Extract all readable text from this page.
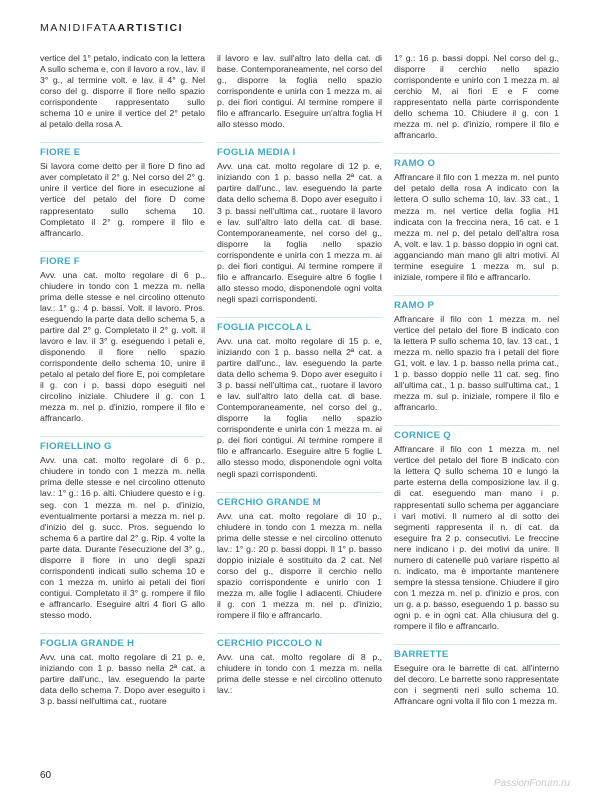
MANIDIFATAARTISTICI

vertice del 1° petalo, indicato con la lettera A sullo schema e, con il lavoro a rov., lav. il 3° g., al termine volt. e lav. il 4° g. Nel corso del g. disporre il fiore nello spazio corrispondente rappresentato sullo schema 10 e unire il vertice del 2° petalo al petalo della rosa A.

FIORE E

Si lavora come detto per il fiore D fino ad aver completato il 2° g. Nel corso del 2° g. unire il vertice del fiore in esecuzione al vertice del petalo del fiore D come rappresentato sullo schema 10. Completato il 2° g. rompere il filo e affrancarlo.

FIORE F

Avv. una cat. molto regolare di 6 p., chiudere in tondo con 1 mezza m. nella prima delle stesse e nel circolino ottenuto lav.: 1° g.: 4 p. bassi. Volt. il lavoro. Pros. eseguendo la parte data dello schema 5, a partire dal 2° g. Completato il 2° g. volt. il lavoro e lav. il 3° g. eseguendo i petali e, disponendo il fiore nello spazio corrispondente dello schema 10, unire il petalo al petalo del fiore E, poi completare il g. con i p. bassi dopo eseguiti nel circolino iniziale. Chiudere il g. con 1 mezza m. nel p. d'inizio, rompere il filo e affrancarlo.

FIORELLINO G

Avv. una cat. molto regolare di 6 p., chiudere in tondo con 1 mezza m. nella prima delle stesse e nel circolino ottenuto lav.: 1° g.: 16 p. alti. Chiudere questo e i g. seg. con 1 mezza m. nel p. d'inizio, eventualmente portarsi a mezza m. nel p. d'inizio del g. succ. Pros. seguendo lo schema 6 a partire dal 2° g. Rip. 4 volte la parte data. Durante l'esecuzione del 3° g., disporre il fiore in uno degli spazi corrispondenti indicati sullo schema 10 e con 1 mezza m. unirlo ai petali dei fiori contigui. Completato il 3° g. rompere il filo e affrancarlo. Eseguire altri 4 fiori G allo stesso modo.

FOGLIA GRANDE H

Avv. una cat. molto regolare di 21 p. e, iniziando con 1 p. basso nella 2ª cat. a partire dall'unc., lav. eseguendo la parte data dello schema 7. Dopo aver eseguito i 3 p. bassi nell'ultima cat., ruotare

il lavoro e lav. sull'altro lato della cat. di base. Contemporaneamente, nel corso del g., disporre la foglia nello spazio corrispondente e unirla con 1 mezza m. ai p. dei fiori contigui. Al termine rompere il filo e affrancarlo. Eseguire un'altra foglia H allo stesso modo.

FOGLIA MEDIA I

Avv. una cat. molto regolare di 12 p. e, iniziando con 1 p. basso nella 2ª cat. a partire dall'unc., lav. eseguendo la parte data dello schema 8. Dopo aver eseguito i 3 p. bassi nell'ultima cat., ruotare il lavoro e lav. sull'altro lato della cat. di base. Contemporaneamente, nel corso del g., disporre la foglia nello spazio corrispondente e unirla con 1 mezza m. ai p. dei fiori contigui. Al termine rompere il filo e affrancarlo. Eseguire altre 6 foglie I allo stesso modo, disponendole ogni volta negli spazi corrispondenti.

FOGLIA PICCOLA L

Avv. una cat. molto regolare di 15 p. e, iniziando con 1 p. basso nella 2ª cat. a partire dall'unc., lav. eseguendo la parte data dello schema 9. Dopo aver eseguito i 3 p. bassi nell'ultima cat., ruotare il lavoro e lav. sull'altro lato della cat. di base. Contemporaneamente, nel corso del g., disporre la foglia nello spazio corrispondente e unirla con 1 mezza m. ai p. dei fiori contigui. Al termine rompere il filo e affrancarlo. Eseguire altre 5 foglie L allo stesso modo, disponendole ogni volta negli spazi corrispondenti.

CERCHIO GRANDE M

Avv. una cat. molto regolare di 10 p., chiudere in tondo con 1 mezza m. nella prima delle stesse e nel circolino ottenuto lav.: 1° g.: 20 p. bassi doppi. Il 1° p. basso doppio iniziale è sostituito da 2 cat. Nel corso del g., disporre il cerchio nello spazio corrispondente e unirlo con 1 mezza m. alle foglie I adiacenti. Chiudere il g. con 1 mezza m. nel p. d'inizio, rompere il filo e affrancarlo.

CERCHIO PICCOLO N

Avv. una cat. molto regolare di 8 p., chiudere in tondo con 1 mezza m. nella prima delle stesse e nel circolino ottenuto lav.:

1° g.: 16 p. bassi doppi. Nel corso del g., disporre il cerchio nello spazio corrispondente e unirlo con 1 mezza m. al cerchio M, ai fiori E e F come rappresentato nella parte corrispondente dello schema 10. Chiudere il g. con 1 mezza m. nel p. d'inizio, rompere il filo e affrancarlo.

RAMO O

Affrancare il filo con 1 mezza m. nel punto del petalo della rosa A indicato con la lettera O sullo schema 10, lav. 33 cat., 1 mezza m. nel vertice della foglia H1 indicata con la freccina nera, 16 cat. e 1 mezza m. nel p. del petalo dell'altra rosa A, volt. e lav. 1 p. basso doppio in ogni cat. agganciando man mano gli altri motivi. Al termine eseguire 1 mezza m. sul p. iniziale, rompere il filo e affrancarlo.

RAMO P

Affrancare il filo con 1 mezza m. nel vertice del petalo del fiore B indicato con la lettera P sullo schema 10, lav. 13 cat., 1 mezza m. nello spazio fra i petali del fiore G1, volt. e lav. 1 p. basso nella prima cat., 1 p. basso doppio nelle 11 cat. seg. fino all'ultima cat., 1 p. basso sull'ultima cat., 1 mezza m. sul p. iniziale, rompere il filo e affrancarlo.

CORNICE Q

Affrancare il filo con 1 mezza m. nel vertice del petalo del fiore B indicato con la lettera Q sullo schema 10 e lungo la parte esterna della composizione lav. il g. di cat. eseguendo man mano i p. rappresentati sullo schema per agganciare i vari motivi. Il numero al di sotto dei segmenti rappresenta il n. di cat. da eseguire fra 2 p. consecutivi. Le freccine nere indicano i p. dei motivi da unire. Il numero di catenelle può variare rispetto al n. indicato, ma è importante mantenere sempre la stessa tensione. Chiudere il giro con 1 mezza m. nel p. d'inizio e pros. con un g. a p. basso, eseguendo 1 p. basso su ogni p. e in ogni cat. Alla chiusura del g. rompere il filo e affrancarlo.

BARRETTE

Eseguire ora le barrette di cat. all'interno del decoro. Le barrette sono rappresentate con i segmenti neri sullo schema 10. Affrancare ogni volta il filo con 1 mezza m.

60
PassionForum.ru
